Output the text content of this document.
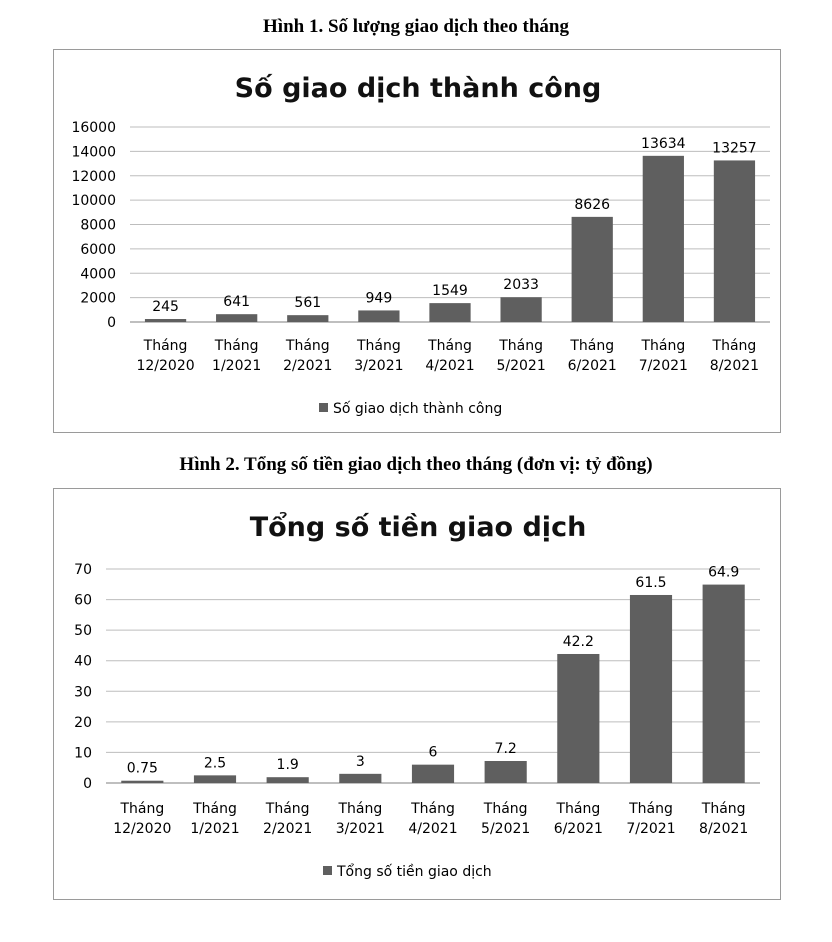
Hình 1. Số lượng giao dịch theo tháng
Số giao dịch thành công
0
2000
4000
6000
8000
10000
12000
14000
16000
245
Tháng
12/2020
641
Tháng
1/2021
561
Tháng
2/2021
949
Tháng
3/2021
1549
Tháng
4/2021
2033
Tháng
5/2021
8626
Tháng
6/2021
13634
Tháng
7/2021
13257
Tháng
8/2021
Số giao dịch thành công
Hình 2. Tổng số tiền giao dịch theo tháng (đơn vị: tỷ đồng)
Tổng số tiền giao dịch
0
10
20
30
40
50
60
70
0.75
Tháng
12/2020
2.5
Tháng
1/2021
1.9
Tháng
2/2021
3
Tháng
3/2021
6
Tháng
4/2021
7.2
Tháng
5/2021
42.2
Tháng
6/2021
61.5
Tháng
7/2021
64.9
Tháng
8/2021
Tổng số tiền giao dịch
